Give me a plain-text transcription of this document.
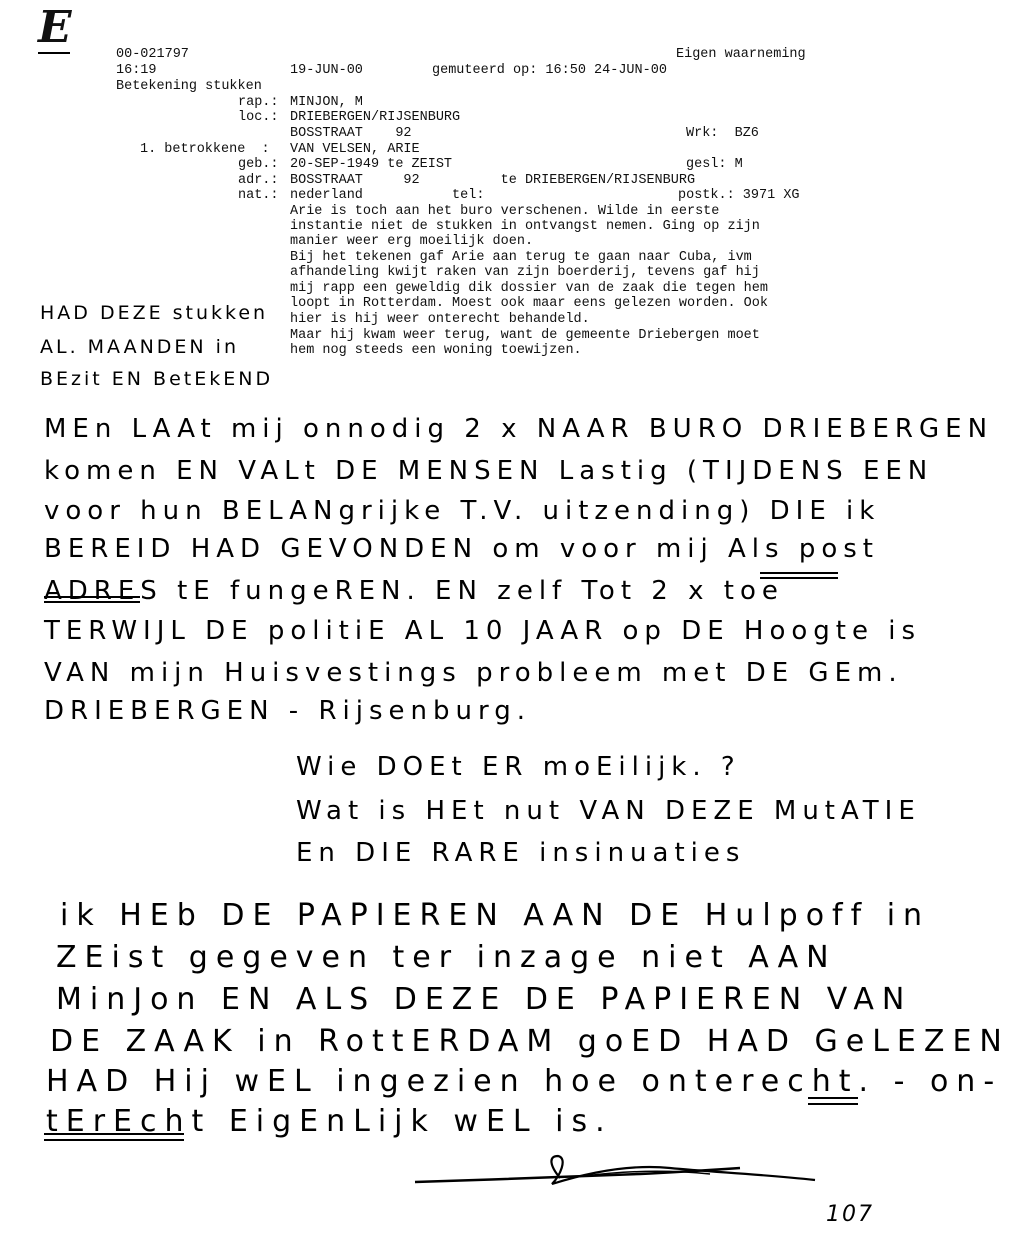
E
00-021797	Eigen waarneming
16:19	19-JUN-00	gemuteerd op: 16:50 24-JUN-00
Betekening stukken
rap.: MINJON, M
loc.: DRIEBERGEN/RIJSENBURG
BOSSTRAAT    92	Wrk:  BZ6
1. betrokkene  : VAN VELSEN, ARIE
geb.: 20-SEP-1949 te ZEIST	gesl: M
adr.: BOSSTRAAT     92          te DRIEBERGEN/RIJSENBURG
nat.: nederland           tel:	postk.: 3971 XG
Arie is toch aan het buro verschenen. Wilde in eerste
instantie niet de stukken in ontvangst nemen. Ging op zijn
manier weer erg moeilijk doen.
Bij het tekenen gaf Arie aan terug te gaan naar Cuba, ivm
afhandeling kwijt raken van zijn boerderij, tevens gaf hij
mij rapp een geweldig dik dossier van de zaak die tegen hem
loopt in Rotterdam. Moest ook maar eens gelezen worden. Ook
hier is hij weer onterecht behandeld.
Maar hij kwam weer terug, want de gemeente Driebergen moet
hem nog steeds een woning toewijzen.
HAD DEZE stukken
AL. MAANDEN in
BEzit EN BetEkEND
MEn LAAt mij onnodig 2 x NAAR BURO DRIEBERGEN
komen EN VALt DE MENSEN Lastig (TIJDENS EEN
voor hun BELANgrijke T.V. uitzending) DIE ik
BEREID HAD GEVONDEN om voor mij Als post
ADRES tE fungeREN. EN zelf Tot 2 x toe
TERWIJL DE politiE AL 10 JAAR op DE Hoogte is
VAN mijn Huisvestings probleem met DE GEm.
DRIEBERGEN - Rijsenburg.
Wie DOEt ER moEilijk. ?
Wat is HEt nut VAN DEZE MutATIE
En DIE RARE insinuaties
ik HEb DE PAPIEREN AAN DE Hulpoff in
ZEist gegeven ter inzage niet AAN
MinJon EN ALS DEZE DE PAPIEREN VAN
DE ZAAK in RottERDAM goED HAD GeLEZEN
HAD Hij wEL ingezien hoe onterecht. - on-
tErEcht EigEnLijk wEL is.
107
